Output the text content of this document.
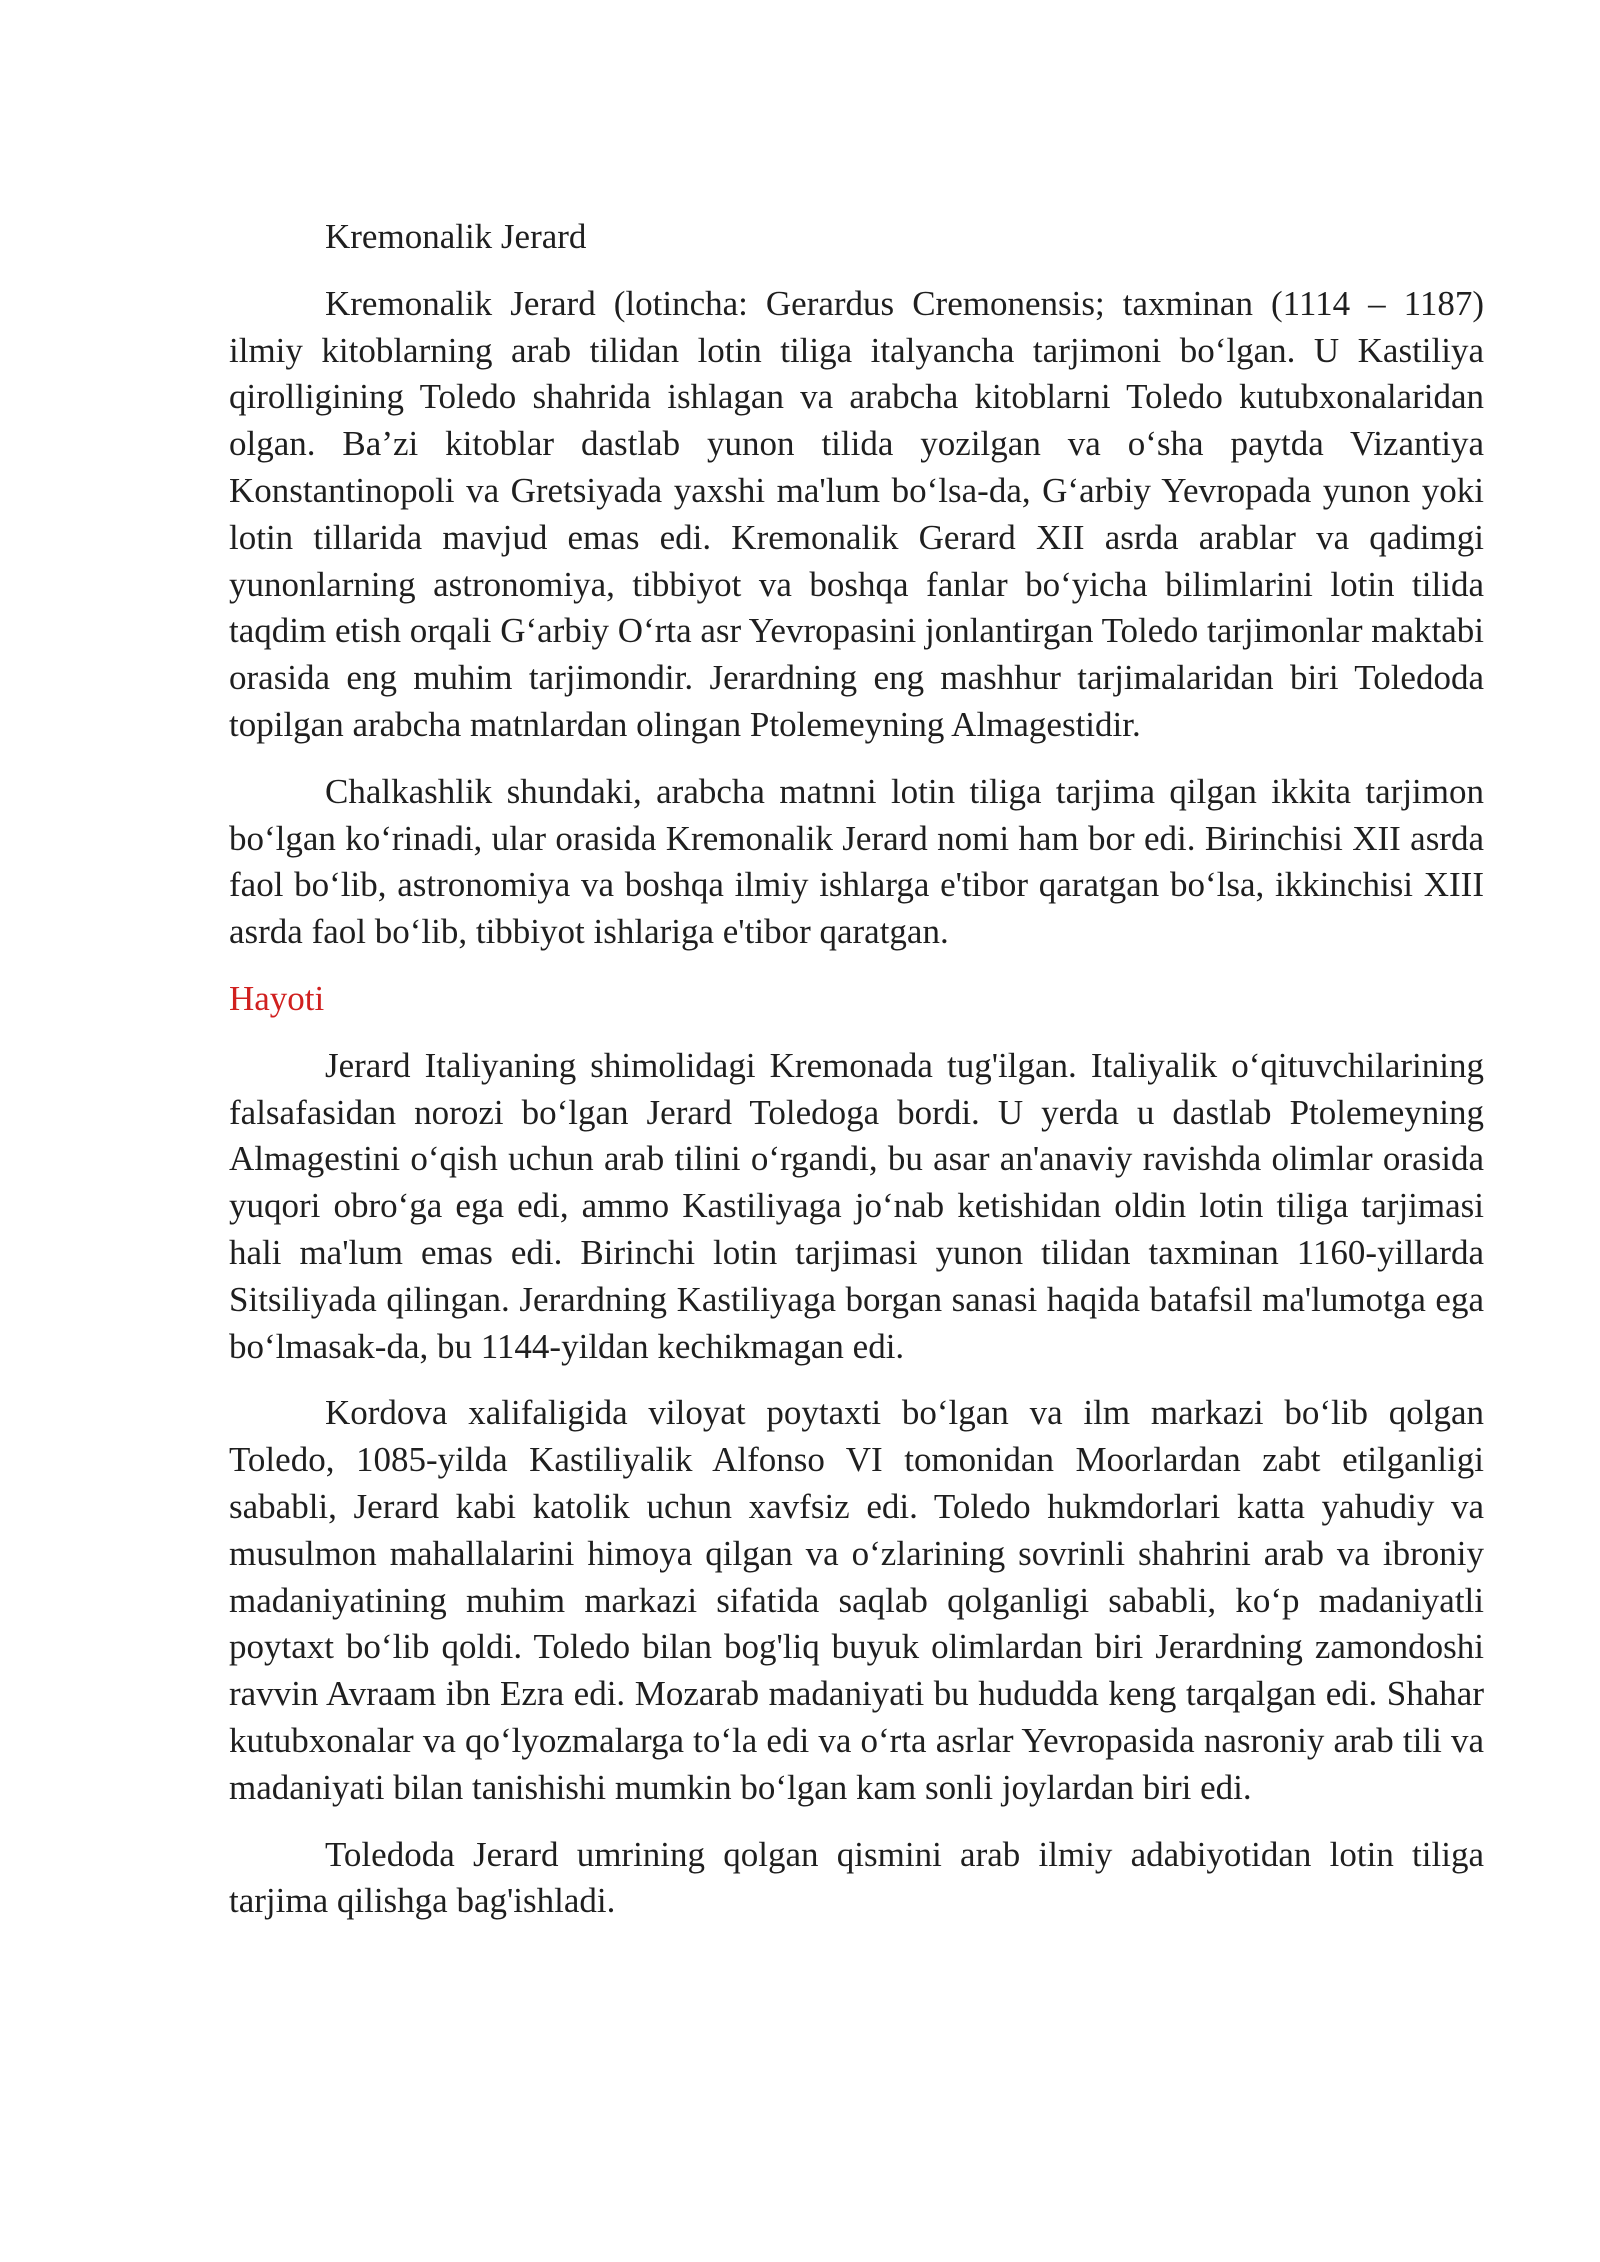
Kremonalik Jerard

Kremonalik Jerard (lotincha: Gerardus Cremonensis; taxminan (1114 – 1187) ilmiy kitoblarning arab tilidan lotin tiliga italyancha tarjimoni bo‘lgan. U Kastiliya qirolligining Toledo shahrida ishlagan va arabcha kitoblarni Toledo kutubxonalaridan olgan. Ba’zi kitoblar dastlab yunon tilida yozilgan va o‘sha paytda Vizantiya Konstantinopoli va Gretsiyada yaxshi ma'lum bo‘lsa-da, G‘arbiy Yevropada yunon yoki lotin tillarida mavjud emas edi. Kremonalik Gerard XII asrda arablar va qadimgi yunonlarning astronomiya, tibbiyot va boshqa fanlar bo‘yicha bilimlarini lotin tilida taqdim etish orqali G‘arbiy O‘rta asr Yevropasini jonlantirgan Toledo tarjimonlar maktabi orasida eng muhim tarjimondir. Jerardning eng mashhur tarjimalaridan biri Toledoda topilgan arabcha matnlardan olingan Ptolemeyning Almagestidir.

Chalkashlik shundaki, arabcha matnni lotin tiliga tarjima qilgan ikkita tarjimon bo‘lgan ko‘rinadi, ular orasida Kremonalik Jerard nomi ham bor edi. Birinchisi XII asrda faol bo‘lib, astronomiya va boshqa ilmiy ishlarga e'tibor qaratgan bo‘lsa, ikkinchisi XIII asrda faol bo‘lib, tibbiyot ishlariga e'tibor qaratgan.

Hayoti

Jerard Italiyaning shimolidagi Kremonada tug'ilgan. Italiyalik o‘qituvchilarining falsafasidan norozi bo‘lgan Jerard Toledoga bordi. U yerda u dastlab Ptolemeyning Almagestini o‘qish uchun arab tilini o‘rgandi, bu asar an'anaviy ravishda olimlar orasida yuqori obro‘ga ega edi, ammo Kastiliyaga jo‘nab ketishidan oldin lotin tiliga tarjimasi hali ma'lum emas edi. Birinchi lotin tarjimasi yunon tilidan taxminan 1160-yillarda Sitsiliyada qilingan. Jerardning Kastiliyaga borgan sanasi haqida batafsil ma'lumotga ega bo‘lmasak-da, bu 1144-yildan kechikmagan edi.

Kordova xalifaligida viloyat poytaxti bo‘lgan va ilm markazi bo‘lib qolgan Toledo, 1085-yilda Kastiliyalik Alfonso VI tomonidan Moorlardan zabt etilganligi sababli, Jerard kabi katolik uchun xavfsiz edi. Toledo hukmdorlari katta yahudiy va musulmon mahallalarini himoya qilgan va o‘zlarining sovrinli shahrini arab va ibroniy madaniyatining muhim markazi sifatida saqlab qolganligi sababli, ko‘p madaniyatli poytaxt bo‘lib qoldi. Toledo bilan bog'liq buyuk olimlardan biri Jerardning zamondoshi ravvin Avraam ibn Ezra edi. Mozarab madaniyati bu hududda keng tarqalgan edi. Shahar kutubxonalar va qo‘lyozmalarga to‘la edi va o‘rta asrlar Yevropasida nasroniy arab tili va madaniyati bilan tanishishi mumkin bo‘lgan kam sonli joylardan biri edi.

Toledoda Jerard umrining qolgan qismini arab ilmiy adabiyotidan lotin tiliga tarjima qilishga bag'ishladi.
